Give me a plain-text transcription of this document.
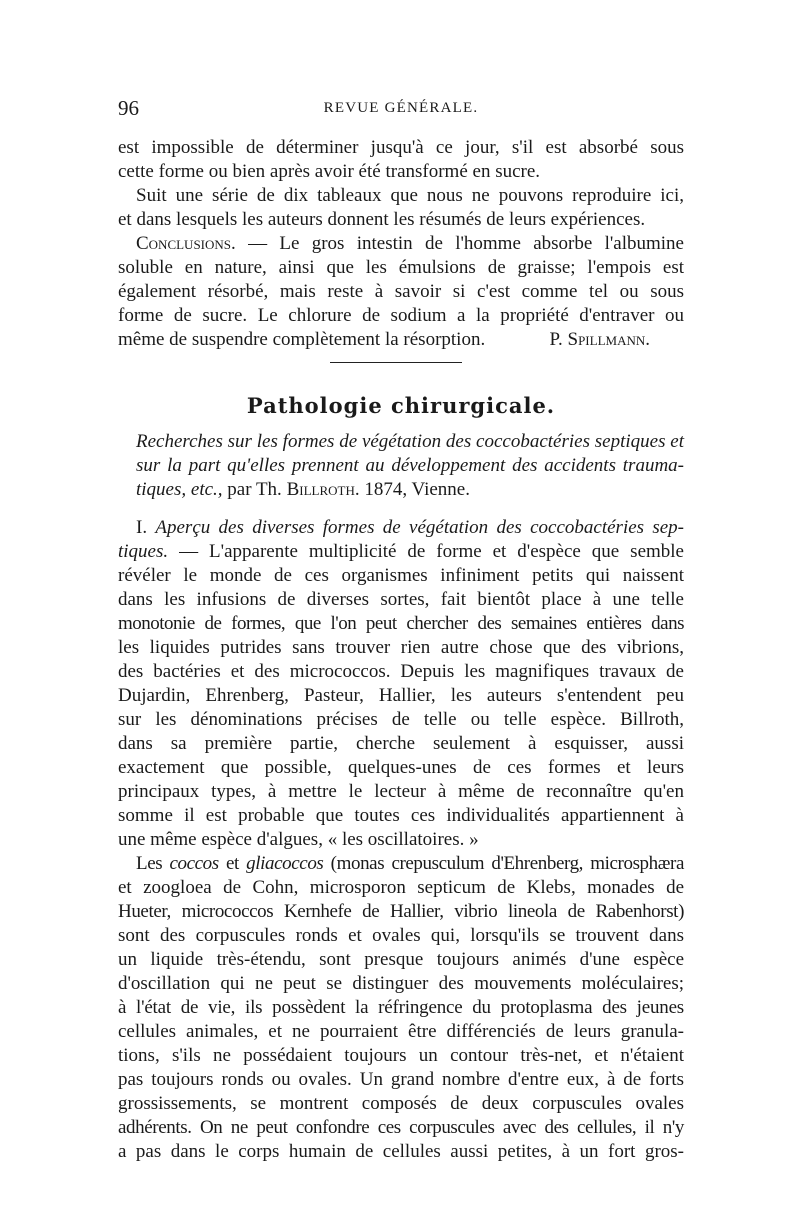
96	REVUE GÉNÉRALE.
est impossible de déterminer jusqu'à ce jour, s'il est absorbé sous
cette forme ou bien après avoir été transformé en sucre.
Suit une série de dix tableaux que nous ne pouvons reproduire ici,
et dans lesquels les auteurs donnent les résumés de leurs expériences.
Conclusions. — Le gros intestin de l'homme absorbe l'albumine
soluble en nature, ainsi que les émulsions de graisse; l'empois est
également résorbé, mais reste à savoir si c'est comme tel ou sous
forme de sucre. Le chlorure de sodium a la propriété d'entraver ou
même de suspendre complètement la résorption.	P. Spillmann.
Pathologie chirurgicale.
Recherches sur les formes de végétation des coccobactéries septiques et
sur la part qu'elles prennent au développement des accidents trauma-
tiques, etc., par Th. Billroth. 1874, Vienne.
I. Aperçu des diverses formes de végétation des coccobactéries sep-
tiques. — L'apparente multiplicité de forme et d'espèce que semble
révéler le monde de ces organismes infiniment petits qui naissent
dans les infusions de diverses sortes, fait bientôt place à une telle
monotonie de formes, que l'on peut chercher des semaines entières dans
les liquides putrides sans trouver rien autre chose que des vibrions,
des bactéries et des micrococcos. Depuis les magnifiques travaux de
Dujardin, Ehrenberg, Pasteur, Hallier, les auteurs s'entendent peu
sur les dénominations précises de telle ou telle espèce. Billroth,
dans sa première partie, cherche seulement à esquisser, aussi
exactement que possible, quelques-unes de ces formes et leurs
principaux types, à mettre le lecteur à même de reconnaître qu'en
somme il est probable que toutes ces individualités appartiennent à
une même espèce d'algues, « les oscillatoires. »
Les coccos et gliacoccos (monas crepusculum d'Ehrenberg, microsphæra
et zoogloea de Cohn, microsporon septicum de Klebs, monades de
Hueter, micrococcos Kernhefe de Hallier, vibrio lineola de Rabenhorst)
sont des corpuscules ronds et ovales qui, lorsqu'ils se trouvent dans
un liquide très-étendu, sont presque toujours animés d'une espèce
d'oscillation qui ne peut se distinguer des mouvements moléculaires;
à l'état de vie, ils possèdent la réfringence du protoplasma des jeunes
cellules animales, et ne pourraient être différenciés de leurs granula-
tions, s'ils ne possédaient toujours un contour très-net, et n'étaient
pas toujours ronds ou ovales. Un grand nombre d'entre eux, à de forts
grossissements, se montrent composés de deux corpuscules ovales
adhérents. On ne peut confondre ces corpuscules avec des cellules, il n'y
a pas dans le corps humain de cellules aussi petites, à un fort gros-
